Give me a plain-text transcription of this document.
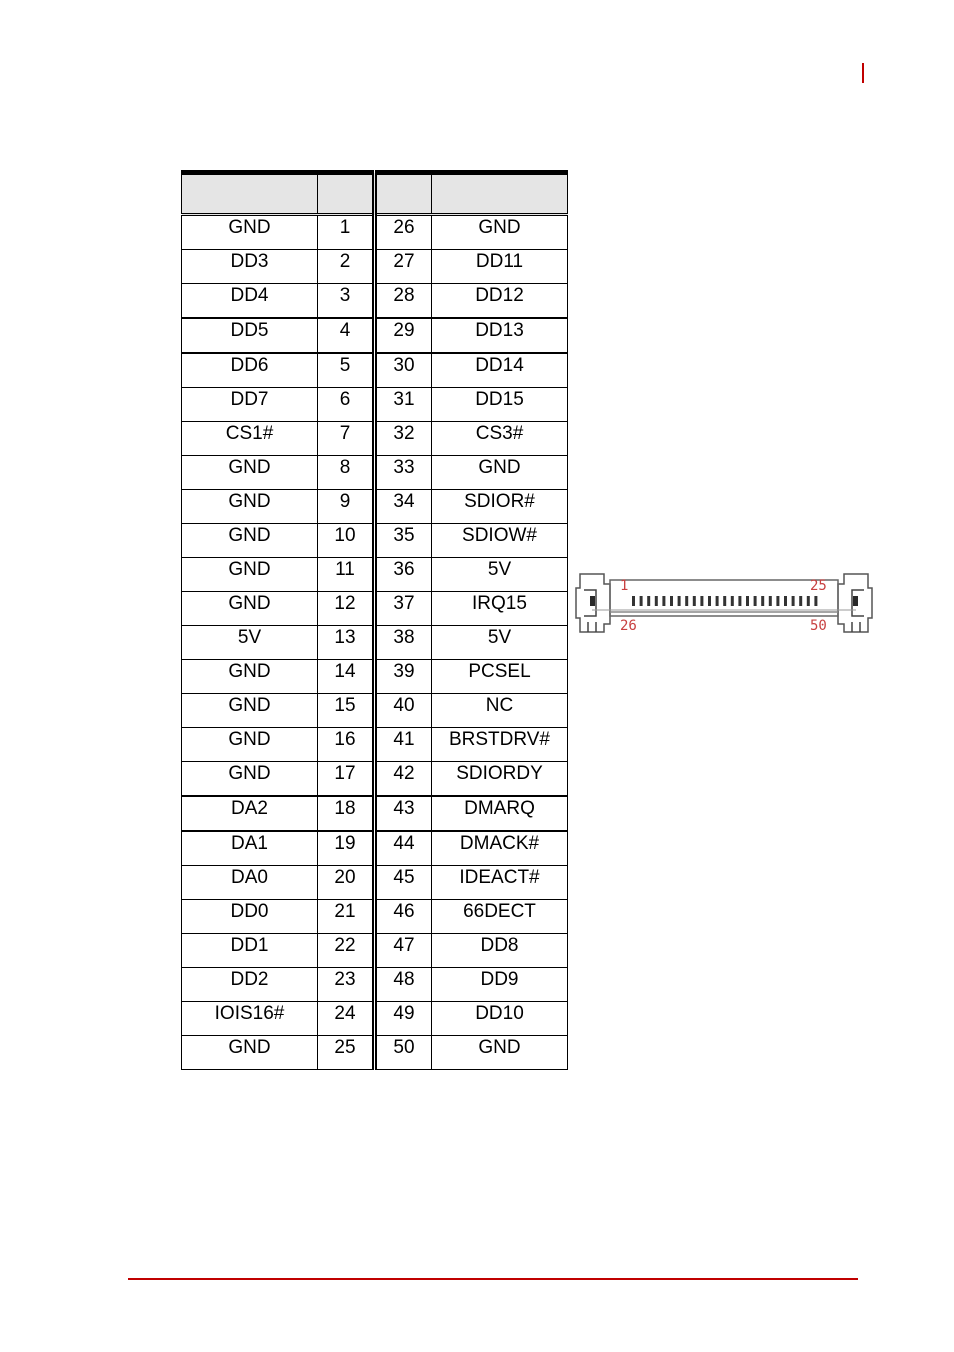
GND	1	26	GND
DD3	2	27	DD11
DD4	3	28	DD12
DD5	4	29	DD13
DD6	5	30	DD14
DD7	6	31	DD15
CS1#	7	32	CS3#
GND	8	33	GND
GND	9	34	SDIOR#
GND	10	35	SDIOW#
GND	11	36	5V
GND	12	37	IRQ15
5V	13	38	5V
GND	14	39	PCSEL
GND	15	40	NC
GND	16	41	BRSTDRV#
GND	17	42	SDIORDY
DA2	18	43	DMARQ
DA1	19	44	DMACK#
DA0	20	45	IDEACT#
DD0	21	46	66DECT
DD1	22	47	DD8
DD2	23	48	DD9
IOIS16#	24	49	DD10
GND	25	50	GND
1	25
26	50
